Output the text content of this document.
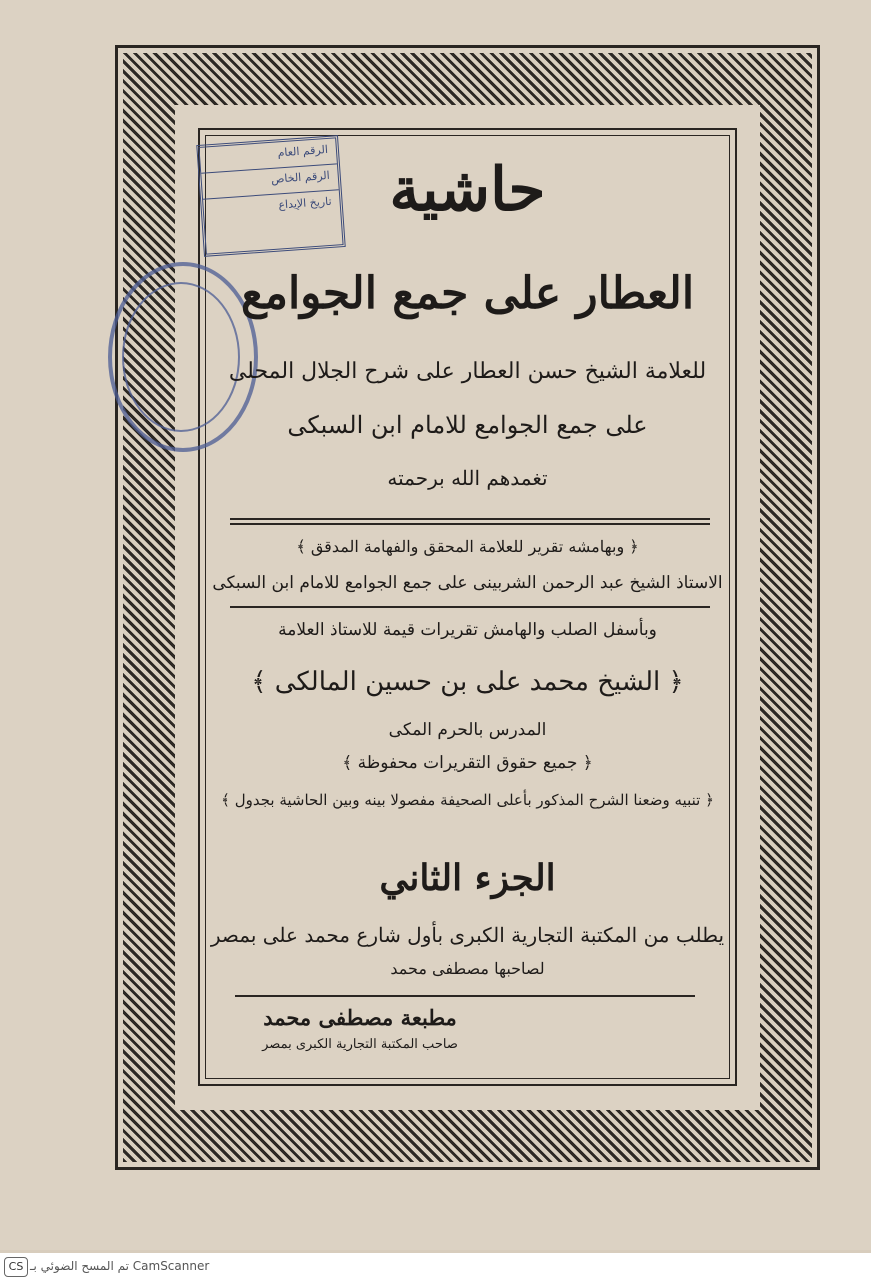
الرقم العام
الرقم الخاص
تاريخ الإيداع حاشية
العطار على جمع الجوامع
للعلامة الشيخ حسن العطار على شرح الجلال المحلى
على جمع الجوامع للامام ابن السبكى
تغمدهم الله برحمته
﴿ وبهامشه تقرير للعلامة المحقق والفهامة المدقق ﴾
الاستاذ الشيخ عبد الرحمن الشربينى على جمع الجوامع للامام ابن السبكى
وبأسفل الصلب والهامش تقريرات قيمة للاستاذ العلامة
﴿ الشيخ محمد على بن حسين المالكى ﴾
المدرس بالحرم المكى
﴿ جميع حقوق التقريرات محفوظة ﴾
﴿ تنبيه وضعنا الشرح المذكور بأعلى الصحيفة مفصولا بينه وبين الحاشية بجدول ﴾
الجزء الثاني
يطلب من المكتبة التجارية الكبرى بأول شارع محمد على بمصر
لصاحبها مصطفى محمد
مطبعة مصطفى محمد
صاحب المكتبة التجارية الكبرى بمصر
CS تم المسح الضوئي بـ CamScanner
